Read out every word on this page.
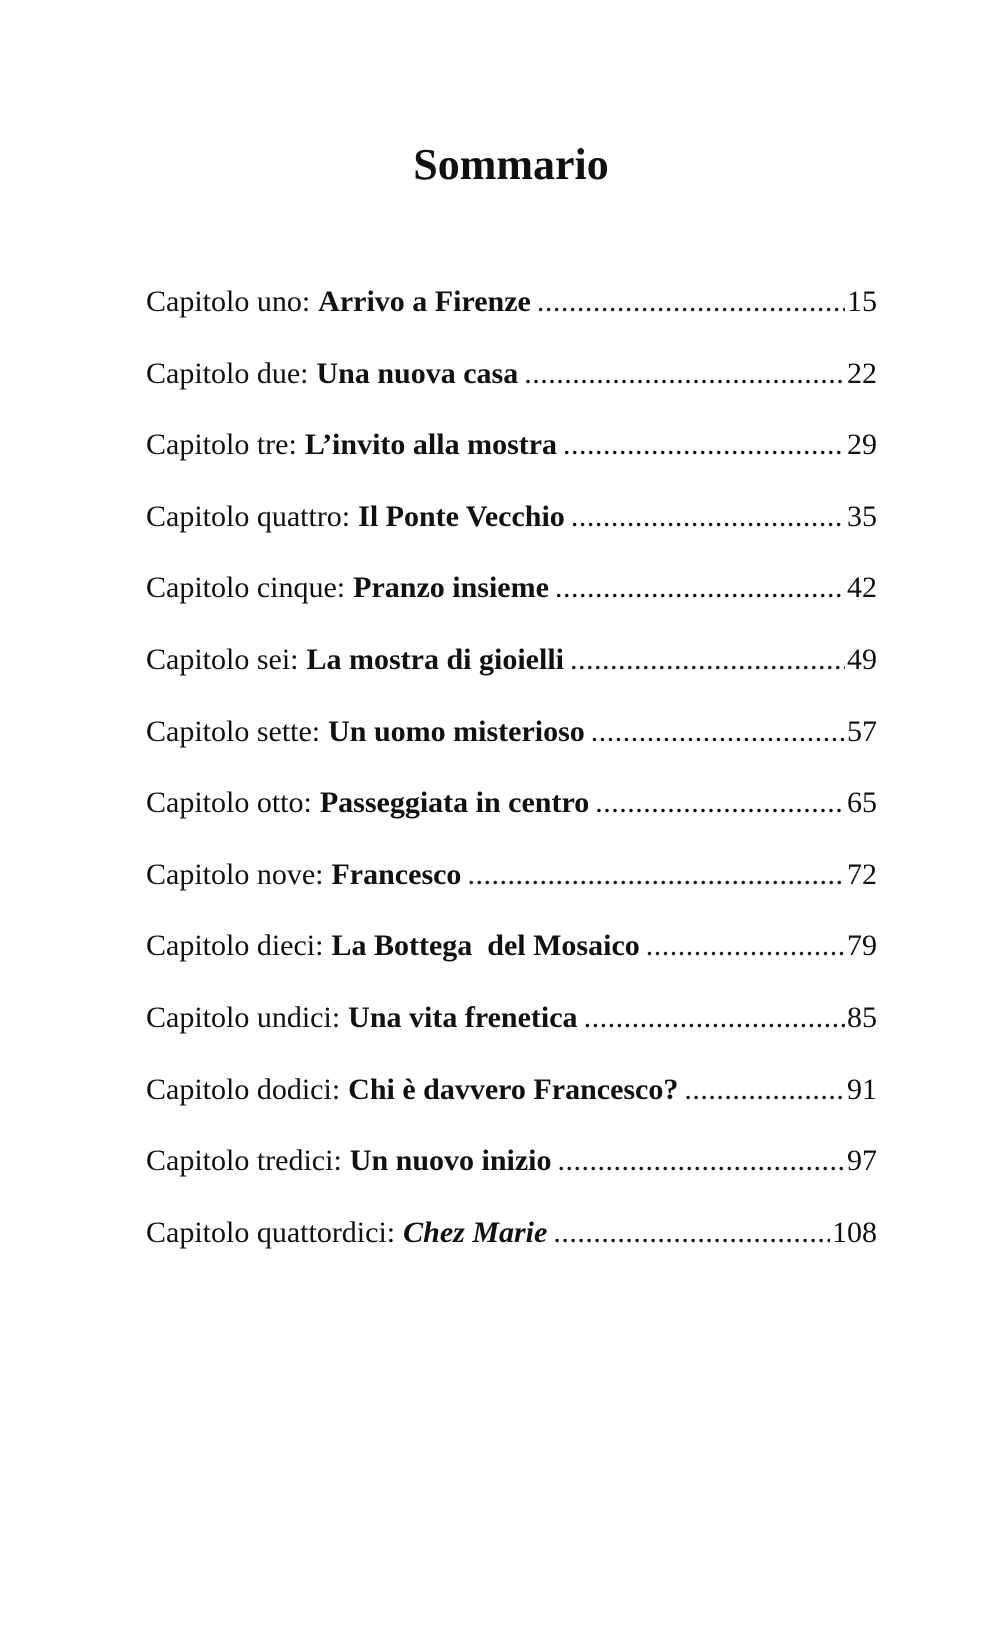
Sommario
Capitolo uno: Arrivo a Firenze .....	15
Capitolo due: Una nuova casa .....	22
Capitolo tre: L’invito alla mostra .....	29
Capitolo quattro: Il Ponte Vecchio .....	35
Capitolo cinque: Pranzo insieme .....	42
Capitolo sei: La mostra di gioielli .....	49
Capitolo sette: Un uomo misterioso .....	57
Capitolo otto: Passeggiata in centro .....	65
Capitolo nove: Francesco .....	72
Capitolo dieci: La Bottega  del Mosaico .....	79
Capitolo undici: Una vita frenetica .....	85
Capitolo dodici: Chi è davvero Francesco? .....	91
Capitolo tredici: Un nuovo inizio .....	97
Capitolo quattordici: Chez Marie .....	108
